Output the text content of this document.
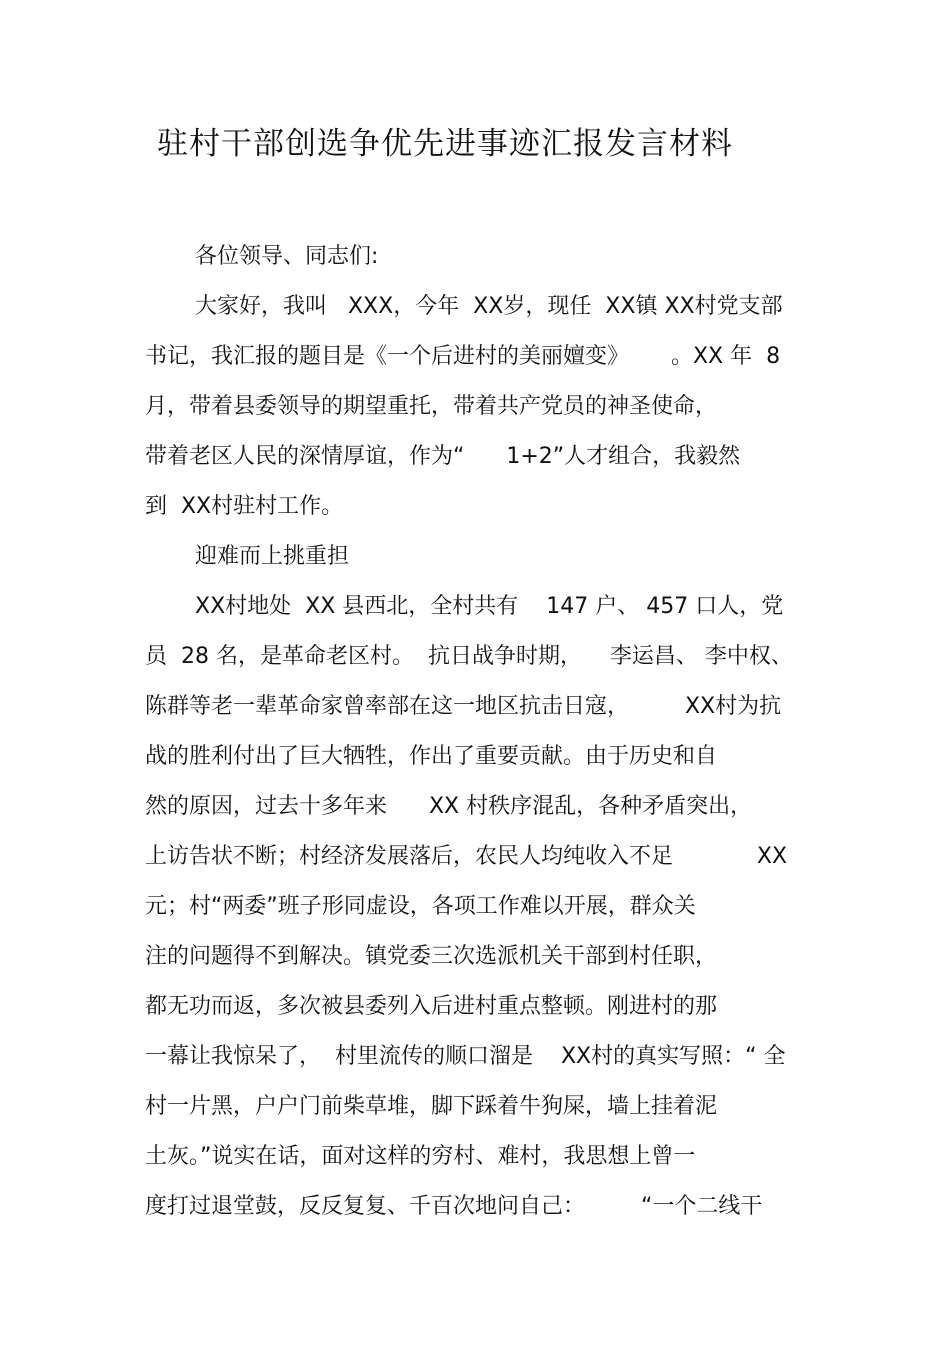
驻村干部创选争优先进事迹汇报发言材料
各位领导、同志们:
大家好，我叫   XXX，今年  XX岁，现任  XX镇 XX村党支部
书记，我汇报的题目是《一个后进村的美丽嬗变》      。XX 年  8
月，带着县委领导的期望重托，带着共产党员的神圣使命，
带着老区人民的深情厚谊，作为“      1+2”人才组合，我毅然
到  XX村驻村工作。
迎难而上挑重担
XX村地处  XX 县西北，全村共有    147 户、 457 口人，党
员  28 名，是革命老区村。  抗日战争时期，    李运昌、 李中权、
陈群等老一辈革命家曾率部在这一地区抗击日寇，        XX村为抗
战的胜利付出了巨大牺牲，作出了重要贡献。由于历史和自
然的原因，过去十多年来      XX 村秩序混乱，各种矛盾突出，
上访告状不断；村经济发展落后，农民人均纯收入不足            XX
元；村“两委”班子形同虚设，各项工作难以开展，群众关
注的问题得不到解决。镇党委三次选派机关干部到村任职，
都无功而返，多次被县委列入后进村重点整顿。刚进村的那
一幕让我惊呆了，  村里流传的顺口溜是    XX村的真实写照：“ 全
村一片黑，户户门前柴草堆，脚下踩着牛狗屎，墙上挂着泥
土灰。”说实在话，面对这样的穷村、难村，我思想上曾一
度打过退堂鼓，反反复复、千百次地问自己：        “一个二线干
